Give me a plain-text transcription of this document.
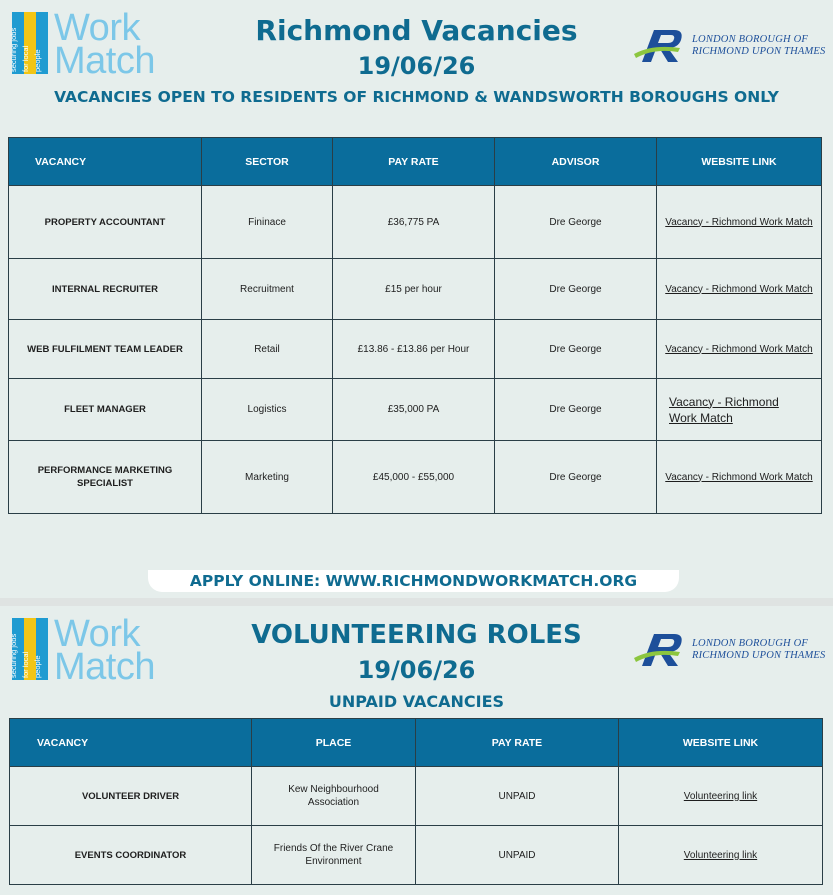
securing jobs for local people
Work
Match
Richmond Vacancies
19/06/26
VACANCIES OPEN TO RESIDENTS OF RICHMOND & WANDSWORTH BOROUGHS ONLY
LONDON BOROUGH OF
RICHMOND UPON THAMES
VACANCY	SECTOR	PAY RATE	ADVISOR	WEBSITE LINK
PROPERTY ACCOUNTANT	Fininace	£36,775 PA	Dre George	Vacancy - Richmond Work Match
INTERNAL RECRUITER	Recruitment	£15 per hour	Dre George	Vacancy - Richmond Work Match
WEB FULFILMENT TEAM LEADER	Retail	£13.86 - £13.86 per Hour	Dre George	Vacancy - Richmond Work Match
FLEET MANAGER	Logistics	£35,000 PA	Dre George	Vacancy - Richmond Work Match
PERFORMANCE MARKETING SPECIALIST	Marketing	£45,000 - £55,000	Dre George	Vacancy - Richmond Work Match
APPLY ONLINE: WWW.RICHMONDWORKMATCH.ORG
securing jobs for local people
Work
Match
VOLUNTEERING ROLES
19/06/26
UNPAID VACANCIES
LONDON BOROUGH OF
RICHMOND UPON THAMES
VACANCY	PLACE	PAY RATE	WEBSITE LINK
VOLUNTEER DRIVER	Kew Neighbourhood Association	UNPAID	Volunteering link
EVENTS COORDINATOR	Friends Of the River Crane Environment	UNPAID	Volunteering link
